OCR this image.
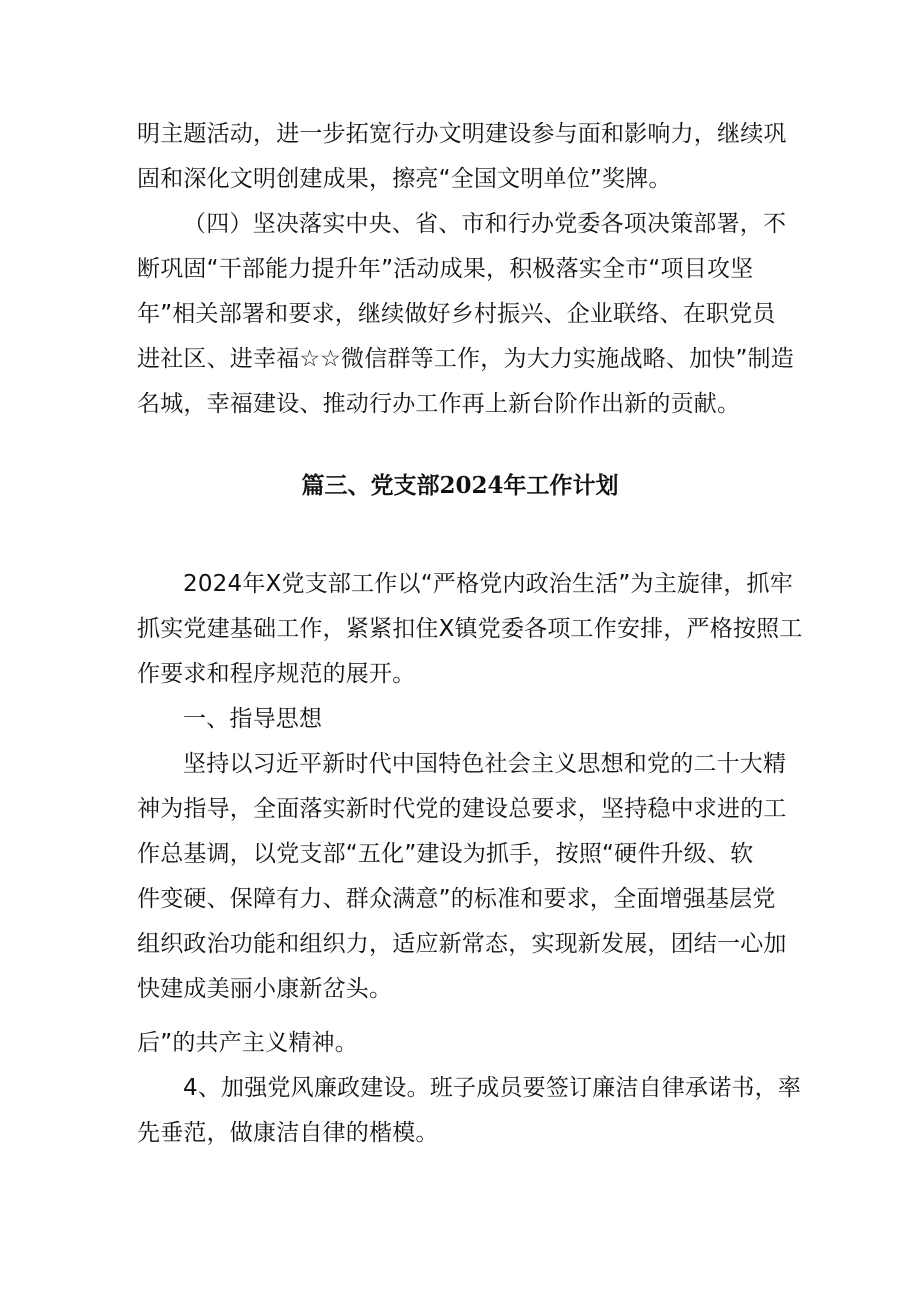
明主题活动，进一步拓宽行办文明建设参与面和影响力，继续巩
固和深化文明创建成果，擦亮“全国文明单位”奖牌。
（四）坚决落实中央、省、市和行办党委各项决策部署，不
断巩固“干部能力提升年”活动成果，积极落实全市“项目攻坚
年”相关部署和要求，继续做好乡村振兴、企业联络、在职党员
进社区、进幸福☆☆微信群等工作，为大力实施战略、加快”制造
名城，幸福建设、推动行办工作再上新台阶作出新的贡献。
篇三、党支部2024年工作计划
2024年X党支部工作以“严格党内政治生活”为主旋律，抓牢
抓实党建基础工作，紧紧扣住X镇党委各项工作安排，严格按照工
作要求和程序规范的展开。
一、指导思想
坚持以习近平新时代中国特色社会主义思想和党的二十大精
神为指导，全面落实新时代党的建设总要求，坚持稳中求进的工
作总基调，以党支部“五化”建设为抓手，按照“硬件升级、软
件变硬、保障有力、群众满意”的标准和要求，全面增强基层党
组织政治功能和组织力，适应新常态，实现新发展，团结一心加
快建成美丽小康新岔头。
后”的共产主义精神。
4、加强党风廉政建设。班子成员要签订廉洁自律承诺书，率
先垂范，做康洁自律的楷模。
